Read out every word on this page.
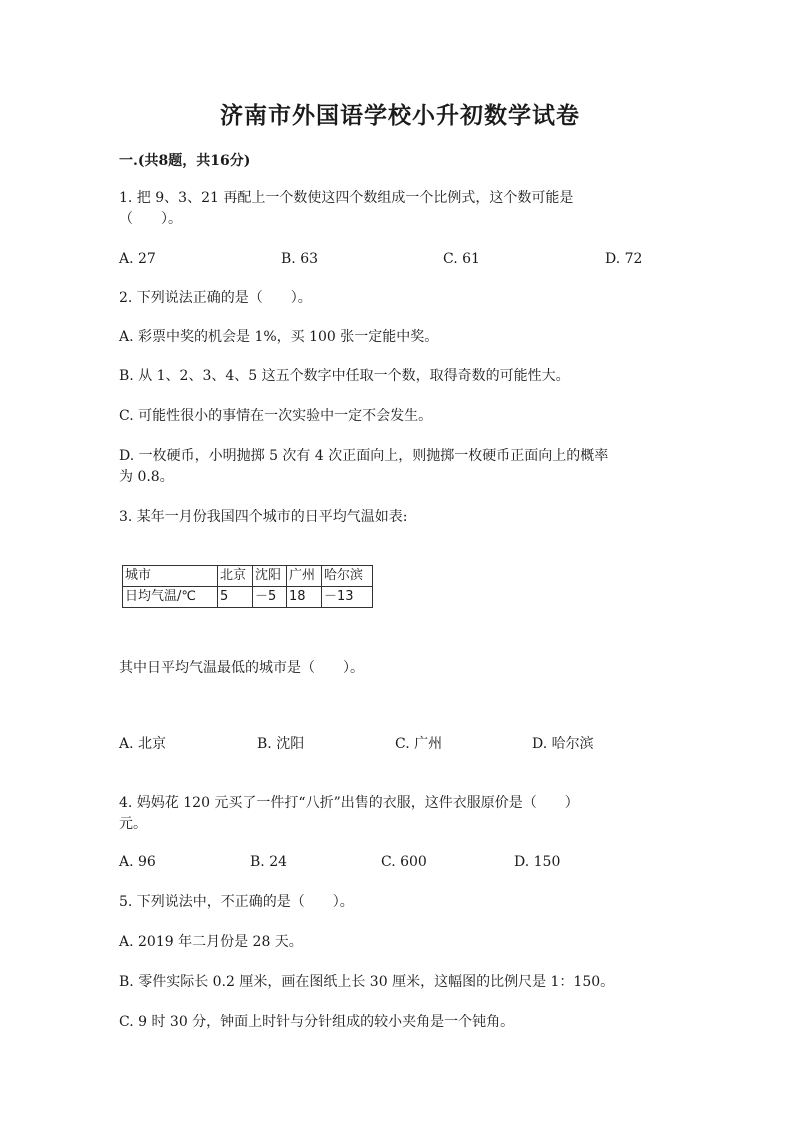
济南市外国语学校小升初数学试卷
一.(共8题，共16分)
1. 把 9、3、21 再配上一个数使这四个数组成一个比例式，这个数可能是
（　　）。
A. 27	B. 63	C. 61	D. 72
2. 下列说法正确的是（　　）。
A. 彩票中奖的机会是 1%，买 100 张一定能中奖。
B. 从 1、2、3、4、5 这五个数字中任取一个数，取得奇数的可能性大。
C. 可能性很小的事情在一次实验中一定不会发生。
D. 一枚硬币，小明抛掷 5 次有 4 次正面向上，则抛掷一枚硬币正面向上的概率
为 0.8。
3. 某年一月份我国四个城市的日平均气温如表:
城市	北京	沈阳	广州	哈尔滨
日均气温/℃	5	－5	18	－13
其中日平均气温最低的城市是（　　）。
A. 北京	B. 沈阳	C. 广州	D. 哈尔滨
4. 妈妈花 120 元买了一件打“八折”出售的衣服，这件衣服原价是（　　）
元。
A. 96	B. 24	C. 600	D. 150
5. 下列说法中，不正确的是（　　）。
A. 2019 年二月份是 28 天。
B. 零件实际长 0.2 厘米，画在图纸上长 30 厘米，这幅图的比例尺是 1：150。
C. 9 时 30 分，钟面上时针与分针组成的较小夹角是一个钝角。
